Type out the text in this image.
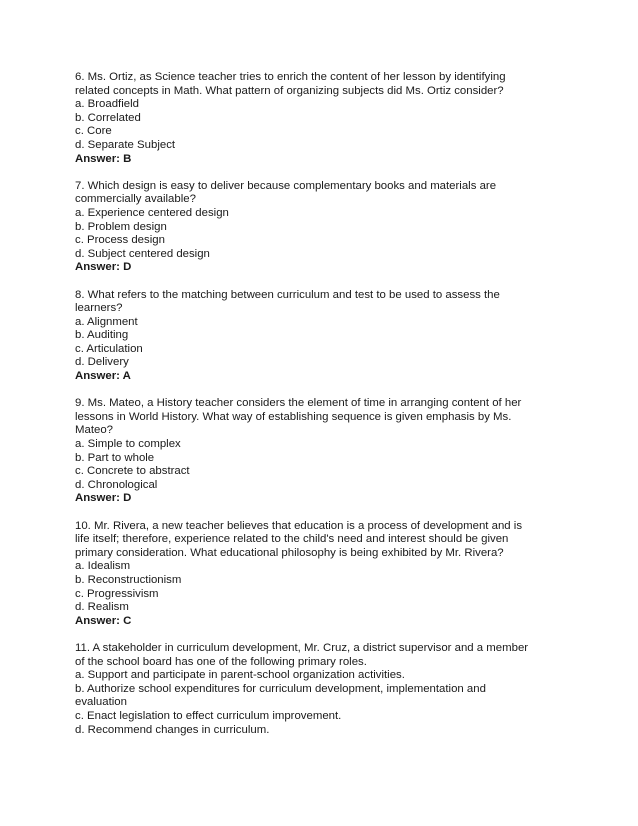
6. Ms. Ortiz, as Science teacher tries to enrich the content of her lesson by identifying
related concepts in Math. What pattern of organizing subjects did Ms. Ortiz consider?
a. Broadfield
b. Correlated
c. Core
d. Separate Subject
Answer: B
7. Which design is easy to deliver because complementary books and materials are
commercially available?
a. Experience centered design
b. Problem design
c. Process design
d. Subject centered design
Answer: D
8. What refers to the matching between curriculum and test to be used to assess the
learners?
a. Alignment
b. Auditing
c. Articulation
d. Delivery
Answer: A
9. Ms. Mateo, a History teacher considers the element of time in arranging content of her
lessons in World History. What way of establishing sequence is given emphasis by Ms.
Mateo?
a. Simple to complex
b. Part to whole
c. Concrete to abstract
d. Chronological
Answer: D
10. Mr. Rivera, a new teacher believes that education is a process of development and is
life itself; therefore, experience related to the child's need and interest should be given
primary consideration. What educational philosophy is being exhibited by Mr. Rivera?
a. Idealism
b. Reconstructionism
c. Progressivism
d. Realism
Answer: C
11. A stakeholder in curriculum development, Mr. Cruz, a district supervisor and a member
of the school board has one of the following primary roles.
a. Support and participate in parent-school organization activities.
b. Authorize school expenditures for curriculum development, implementation and
evaluation
c. Enact legislation to effect curriculum improvement.
d. Recommend changes in curriculum.
